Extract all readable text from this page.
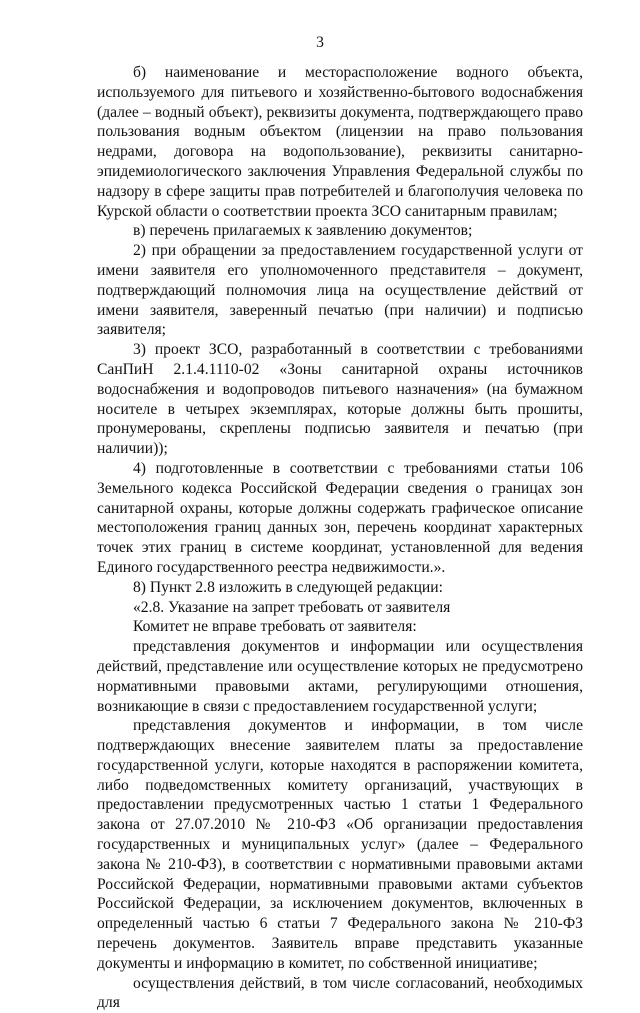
3

б) наименование и месторасположение водного объекта, используемого для питьевого и хозяйственно-бытового водоснабжения (далее – водный объект), реквизиты документа, подтверждающего право пользования водным объектом (лицензии на право пользования недрами, договора на водопользование), реквизиты санитарно-эпидемиологического заключения Управления Федеральной службы по надзору в сфере защиты прав потребителей и благополучия человека по Курской области о соответствии проекта ЗСО санитарным правилам;

в) перечень прилагаемых к заявлению документов;

2) при обращении за предоставлением государственной услуги от имени заявителя его уполномоченного представителя – документ, подтверждающий полномочия лица на осуществление действий от имени заявителя, заверенный печатью (при наличии) и подписью заявителя;

3) проект ЗСО, разработанный в соответствии с требованиями СанПиН 2.1.4.1110-02 «Зоны санитарной охраны источников водоснабжения и водопроводов питьевого назначения» (на бумажном носителе в четырех экземплярах, которые должны быть прошиты, пронумерованы, скреплены подписью заявителя и печатью (при наличии));

4) подготовленные в соответствии с требованиями статьи 106 Земельного кодекса Российской Федерации сведения о границах зон санитарной охраны, которые должны содержать графическое описание местоположения границ данных зон, перечень координат характерных точек этих границ в системе координат, установленной для ведения Единого государственного реестра недвижимости.».

8) Пункт 2.8 изложить в следующей редакции:

«2.8. Указание на запрет требовать от заявителя

Комитет не вправе требовать от заявителя:

представления документов и информации или осуществления действий, представление или осуществление которых не предусмотрено нормативными правовыми актами, регулирующими отношения, возникающие в связи с предоставлением государственной услуги;

представления документов и информации, в том числе подтверждающих внесение заявителем платы за предоставление государственной услуги, которые находятся в распоряжении комитета, либо подведомственных комитету организаций, участвующих в предоставлении предусмотренных частью 1 статьи 1 Федерального закона от 27.07.2010 № 210-ФЗ «Об организации предоставления государственных и муниципальных услуг» (далее – Федерального закона № 210-ФЗ), в соответствии с нормативными правовыми актами Российской Федерации, нормативными правовыми актами субъектов Российской Федерации, за исключением документов, включенных в определенный частью 6 статьи 7 Федерального закона № 210-ФЗ перечень документов. Заявитель вправе представить указанные документы и информацию в комитет, по собственной инициативе;

осуществления действий, в том числе согласований, необходимых для
